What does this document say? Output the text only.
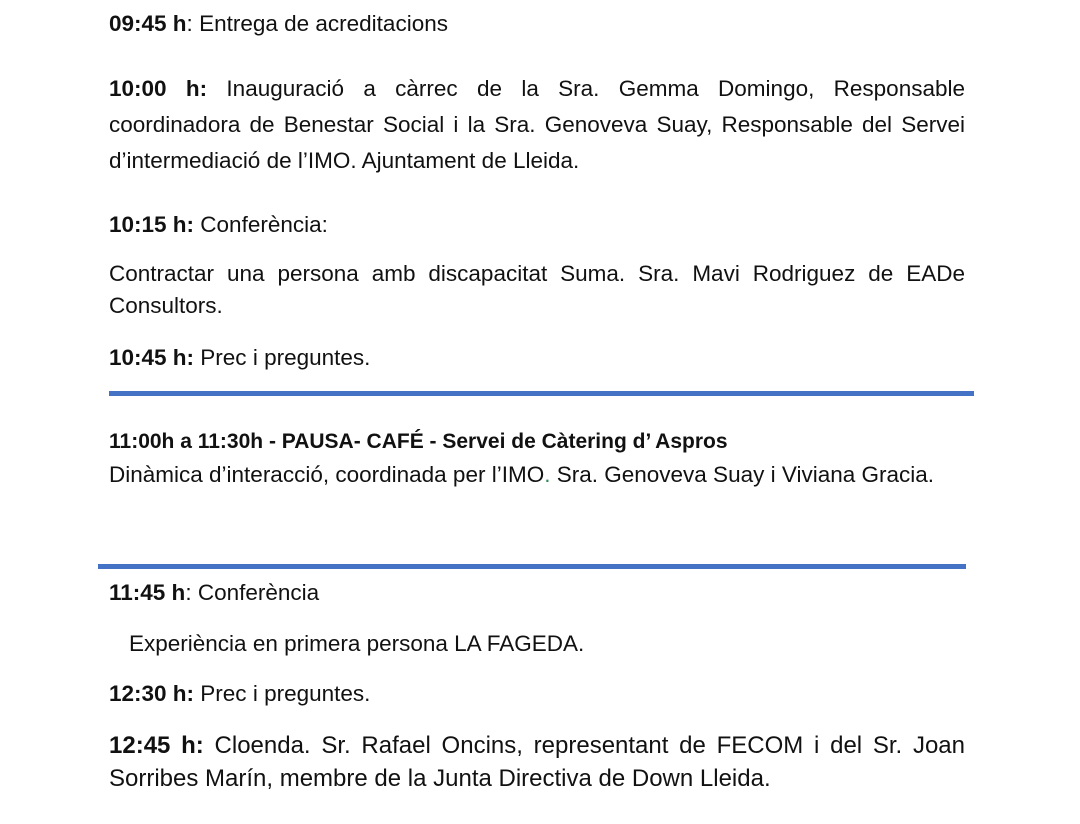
09:45 h: Entrega de acreditacions

10:00 h: Inauguració a càrrec de la Sra. Gemma Domingo, Responsable coordinadora de Benestar Social i la Sra. Genoveva Suay, Responsable del Servei d’intermediació de l’IMO. Ajuntament de Lleida.

10:15 h: Conferència:

Contractar una persona amb discapacitat Suma. Sra. Mavi Rodriguez de EADe Consultors.

10:45 h: Prec i preguntes.

11:00h a 11:30h - PAUSA- CAFÉ - Servei de Càtering d’ Aspros

Dinàmica d’interacció, coordinada per l’IMO. Sra. Genoveva Suay i Viviana Gracia.

11:45 h: Conferència

Experiència en primera persona LA FAGEDA.

12:30 h: Prec i preguntes.

12:45 h: Cloenda. Sr. Rafael Oncins, representant de FECOM i del Sr. Joan Sorribes Marín, membre de la Junta Directiva de Down Lleida.
